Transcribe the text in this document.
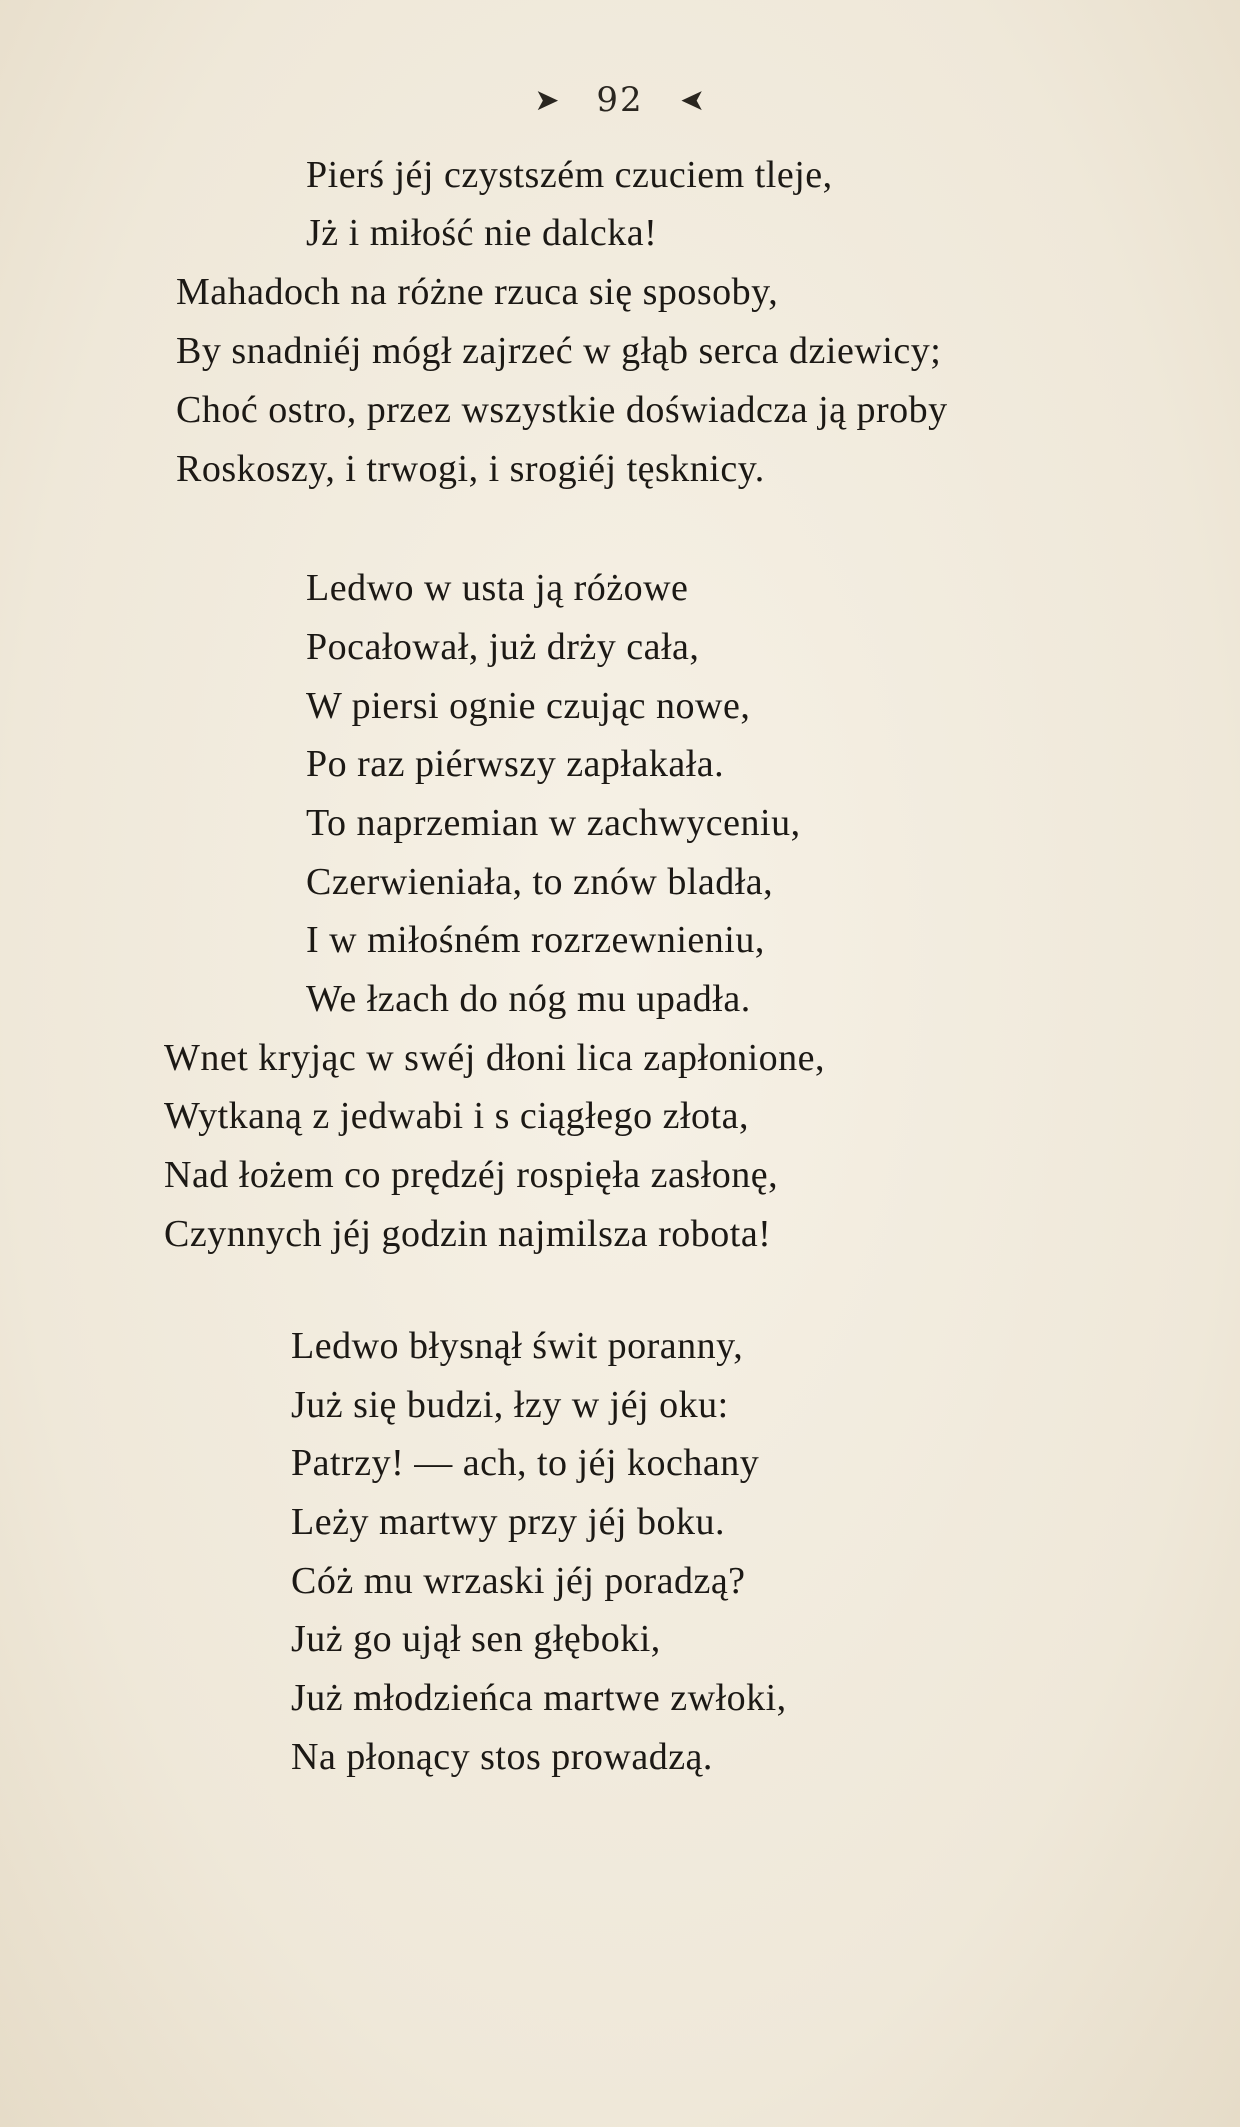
➤ 92 ➤
Pierś jéj czystszém czuciem tleje,
Jż i miłość nie dalcka!
Mahadoch na różne rzuca się sposoby,
By snadniéj mógł zajrzeć w głąb serca dziewicy;
Choć ostro, przez wszystkie doświadcza ją proby
Roskoszy, i trwogi, i srogiéj tęsknicy.
Ledwo w usta ją różowe
Pocałował, już drży cała,
W piersi ognie czując nowe,
Po raz piérwszy zapłakała.
To naprzemian w zachwyceniu,
Czerwieniała, to znów bladła,
I w miłośném rozrzewnieniu,
We łzach do nóg mu upadła.
Wnet kryjąc w swéj dłoni lica zapłonione,
Wytkaną z jedwabi i s ciągłego złota,
Nad łożem co prędzéj rospięła zasłonę,
Czynnych jéj godzin najmilsza robota!
Ledwo błysnął świt poranny,
Już się budzi, łzy w jéj oku:
Patrzy! — ach, to jéj kochany
Leży martwy przy jéj boku.
Cóż mu wrzaski jéj poradzą?
Już go ujął sen głęboki,
Już młodzieńca martwe zwłoki,
Na płonący stos prowadzą.
